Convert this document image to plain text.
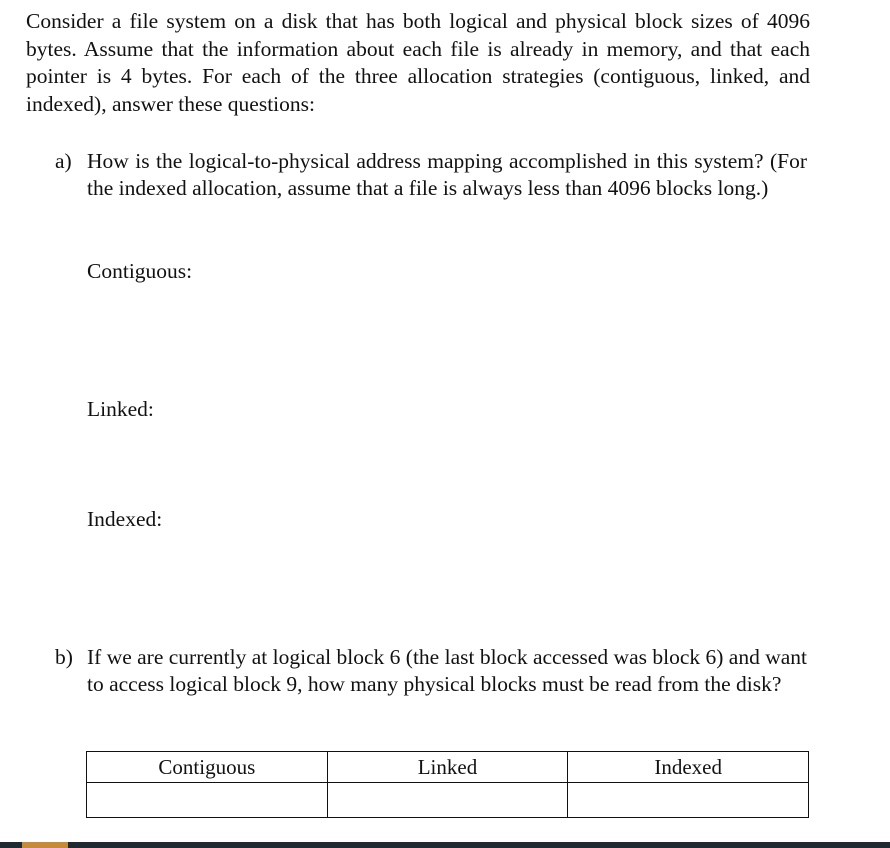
Consider a file system on a disk that has both logical and physical block sizes of 4096 bytes. Assume that the information about each file is already in memory, and that each pointer is 4 bytes. For each of the three allocation strategies (contiguous, linked, and indexed), answer these questions:
a) How is the logical-to-physical address mapping accomplished in this system? (For the indexed allocation, assume that a file is always less than 4096 blocks long.)
Contiguous:
Linked:
Indexed:
b) If we are currently at logical block 6 (the last block accessed was block 6) and want to access logical block 9, how many physical blocks must be read from the disk?
Contiguous	Linked	Indexed
